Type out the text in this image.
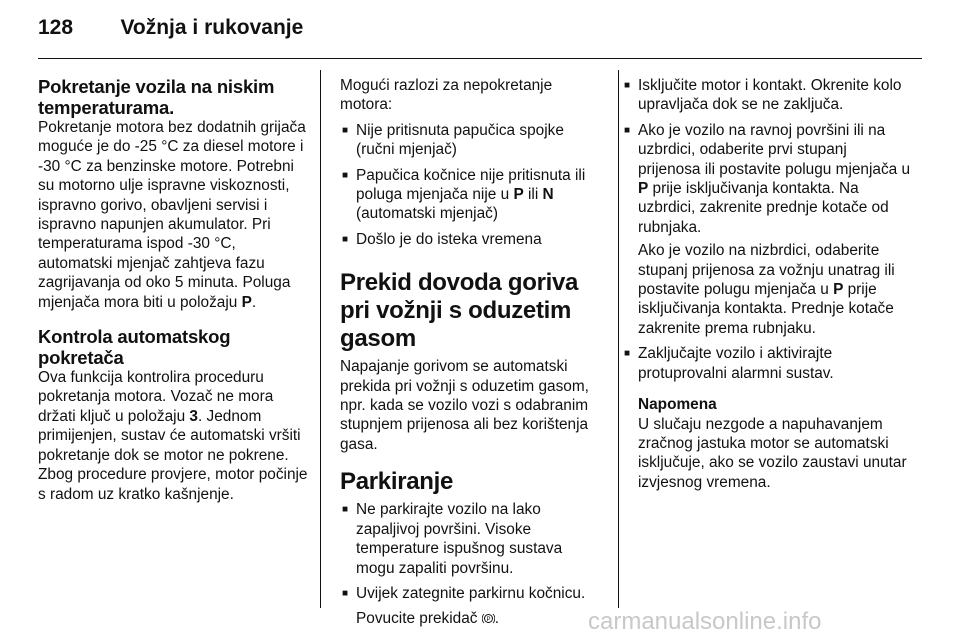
128 Vožnja i rukovanje
Pokretanje vozila na niskim temperaturama.

Pokretanje motora bez dodatnih grijača moguće je do -25 °C za diesel motore i -30 °C za benzinske motore. Potrebni su motorno ulje ispravne viskoznosti, ispravno gorivo, obavljeni servisi i ispravno napunjen akumulator. Pri temperaturama ispod -30 °C, automatski mjenjač zahtjeva fazu zagrijavanja od oko 5 minuta. Poluga mjenjača mora biti u položaju P.

Kontrola automatskog pokretača

Ova funkcija kontrolira proceduru pokretanja motora. Vozač ne mora držati ključ u položaju 3. Jednom primijenjen, sustav će automatski vršiti pokretanje dok se motor ne pokrene. Zbog procedure provjere, motor počinje s radom uz kratko kašnjenje.

Mogući razlozi za nepokretanje motora:

■ Nije pritisnuta papučica spojke (ručni mjenjač)
■ Papučica kočnice nije pritisnuta ili poluga mjenjača nije u P ili N (automatski mjenjač)
■ Došlo je do isteka vremena
Prekid dovoda goriva pri vožnji s oduzetim gasom

Napajanje gorivom se automatski prekida pri vožnji s oduzetim gasom, npr. kada se vozilo vozi s odabranim stupnjem prijenosa ali bez korištenja gasa.

Parkiranje
■ Ne parkirajte vozilo na lako zapaljivoj površini. Visoke temperature ispušnog sustava mogu zapaliti površinu.
■ Uvijek zategnite parkirnu kočnicu.

Povucite prekidač P .

■ Isključite motor i kontakt. Okrenite kolo upravljača dok se ne zaključa.
■ Ako je vozilo na ravnoj površini ili na uzbrdici, odaberite prvi stupanj prijenosa ili postavite polugu mjenjača u P prije isključivanja kontakta. Na uzbrdici, zakrenite prednje kotače od rubnjaka.

Ako je vozilo na nizbrdici, odaberite stupanj prijenosa za vožnju unatrag ili postavite polugu mjenjača u P prije isključivanja kontakta. Prednje kotače zakrenite prema rubnjaku.

■ Zaključajte vozilo i aktivirajte protuprovalni alarmni sustav.

Napomena

U slučaju nezgode a napuhavanjem zračnog jastuka motor se automatski isključuje, ako se vozilo zaustavi unutar izvjesnog vremena.

carmanualsonline.info
